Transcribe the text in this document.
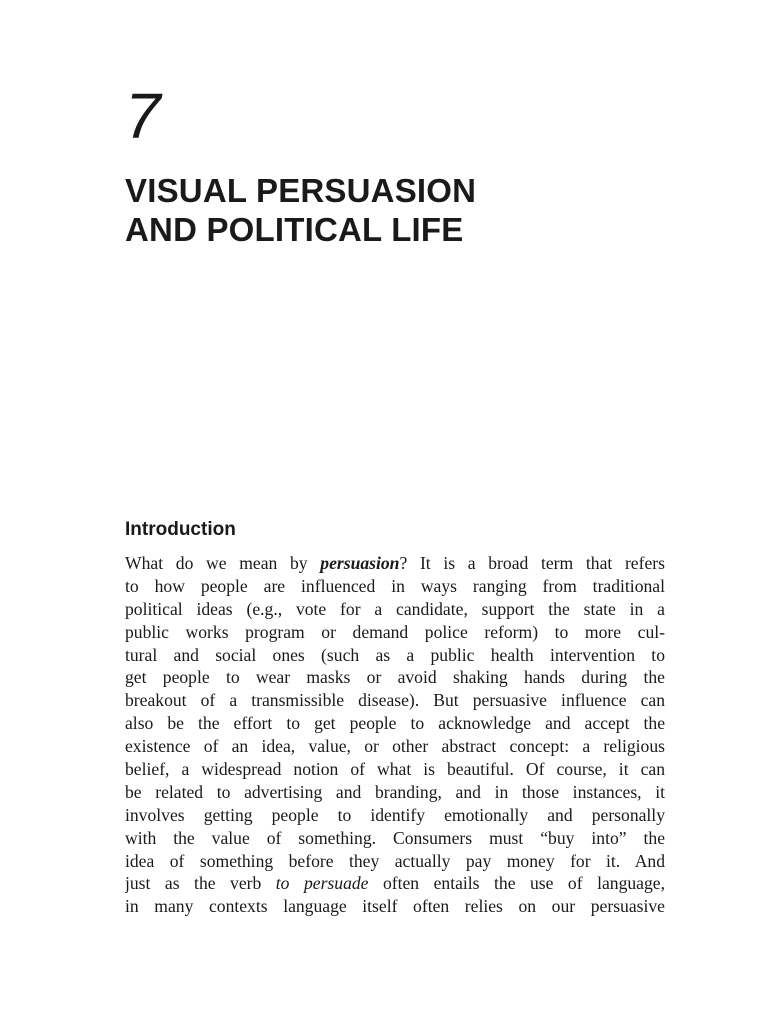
7
VISUAL PERSUASION
AND POLITICAL LIFE
Introduction
What do we mean by persuasion? It is a broad term that refers
to how people are influenced in ways ranging from traditional
political ideas (e.g., vote for a candidate, support the state in a
public works program or demand police reform) to more cul-
tural and social ones (such as a public health intervention to
get people to wear masks or avoid shaking hands during the
breakout of a transmissible disease). But persuasive influence can
also be the effort to get people to acknowledge and accept the
existence of an idea, value, or other abstract concept: a religious
belief, a widespread notion of what is beautiful. Of course, it can
be related to advertising and branding, and in those instances, it
involves getting people to identify emotionally and personally
with the value of something. Consumers must “buy into” the
idea of something before they actually pay money for it. And
just as the verb to persuade often entails the use of language,
in many contexts language itself often relies on our persuasive
